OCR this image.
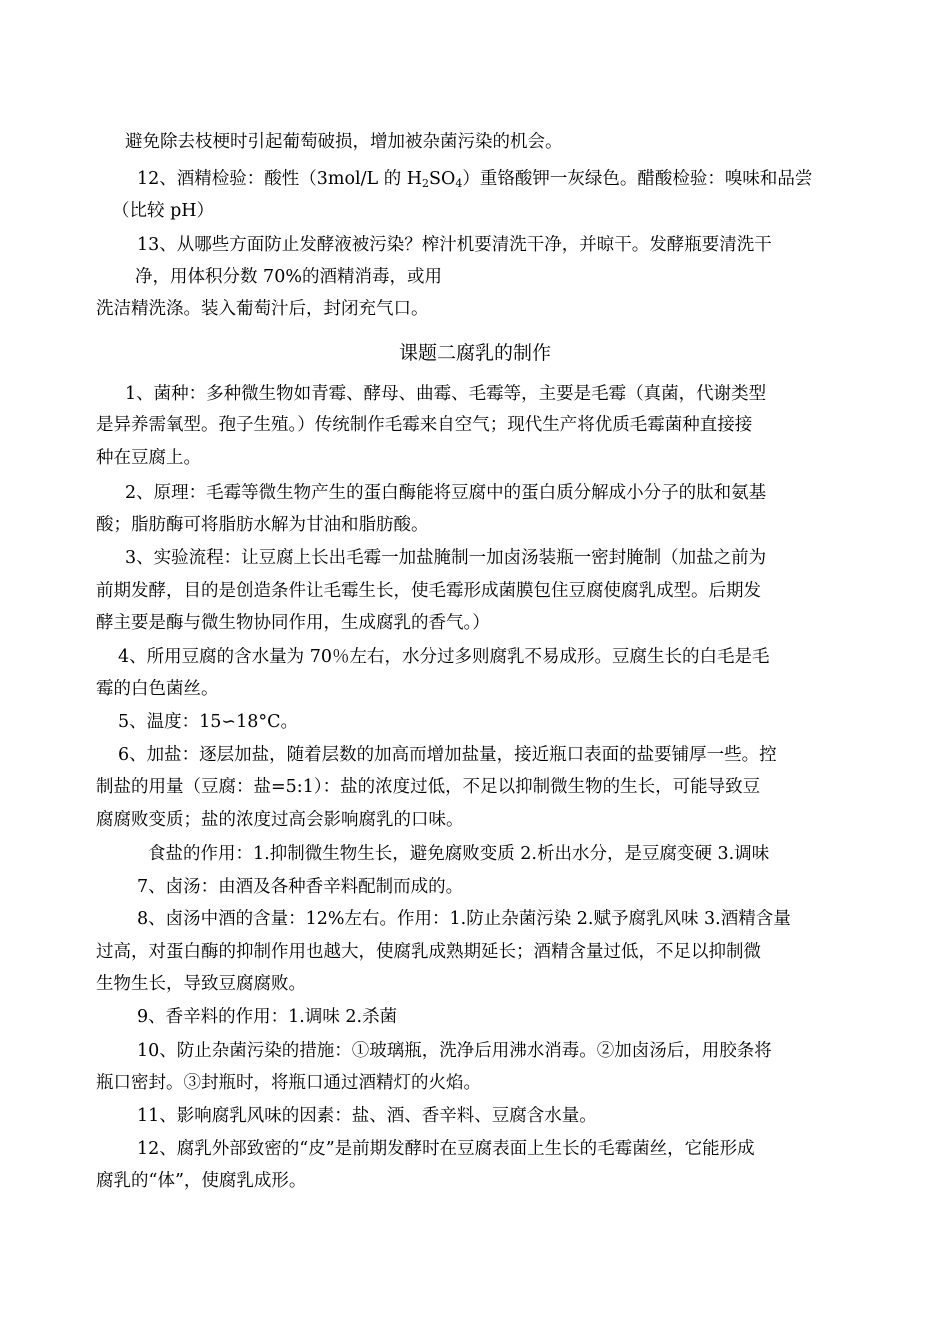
避免除去枝梗时引起葡萄破损，增加被杂菌污染的机会。
12、酒精检验：酸性（3mol/L 的 $H_2SO_4$）重铬酸钾一灰绿色。醋酸检验：嗅味和品尝
（比较 pH）
13、从哪些方面防止发酵液被污染？榨汁机要清洗干净，并晾干。发酵瓶要清洗干
净，用体积分数 70%的酒精消毒，或用
洗洁精洗涤。装入葡萄汁后，封闭充气口。
课题二腐乳的制作
1、菌种：多种微生物如青霉、酵母、曲霉、毛霉等，主要是毛霉（真菌，代谢类型
是异养需氧型。孢子生殖。）传统制作毛霉来自空气；现代生产将优质毛霉菌种直接接
种在豆腐上。
2、原理：毛霉等微生物产生的蛋白酶能将豆腐中的蛋白质分解成小分子的肽和氨基
酸；脂肪酶可将脂肪水解为甘油和脂肪酸。
3、实验流程：让豆腐上长出毛霉一加盐腌制一加卤汤装瓶一密封腌制（加盐之前为
前期发酵，目的是创造条件让毛霉生长，使毛霉形成菌膜包住豆腐使腐乳成型。后期发
酵主要是酶与微生物协同作用，生成腐乳的香气。）
4、所用豆腐的含水量为 70％左右，水分过多则腐乳不易成形。豆腐生长的白毛是毛
霉的白色菌丝。
5、温度：15∽18°C。
6、加盐：逐层加盐，随着层数的加高而增加盐量，接近瓶口表面的盐要铺厚一些。控
制盐的用量（豆腐：盐=5:1）：盐的浓度过低，不足以抑制微生物的生长，可能导致豆
腐腐败变质；盐的浓度过高会影响腐乳的口味。
食盐的作用：1.抑制微生物生长，避免腐败变质 2.析出水分，是豆腐变硬 3.调味
7、卤汤：由酒及各种香辛料配制而成的。
8、卤汤中酒的含量：12%左右。作用：1.防止杂菌污染 2.赋予腐乳风味 3.酒精含量
过高，对蛋白酶的抑制作用也越大，使腐乳成熟期延长；酒精含量过低，不足以抑制微
生物生长，导致豆腐腐败。
9、香辛料的作用：1.调味 2.杀菌
10、防止杂菌污染的措施：①玻璃瓶，洗净后用沸水消毒。②加卤汤后，用胶条将
瓶口密封。③封瓶时，将瓶口通过酒精灯的火焰。
11、影响腐乳风味的因素：盐、酒、香辛料、豆腐含水量。
12、腐乳外部致密的“皮”是前期发酵时在豆腐表面上生长的毛霉菌丝，它能形成
腐乳的“体”，使腐乳成形。
